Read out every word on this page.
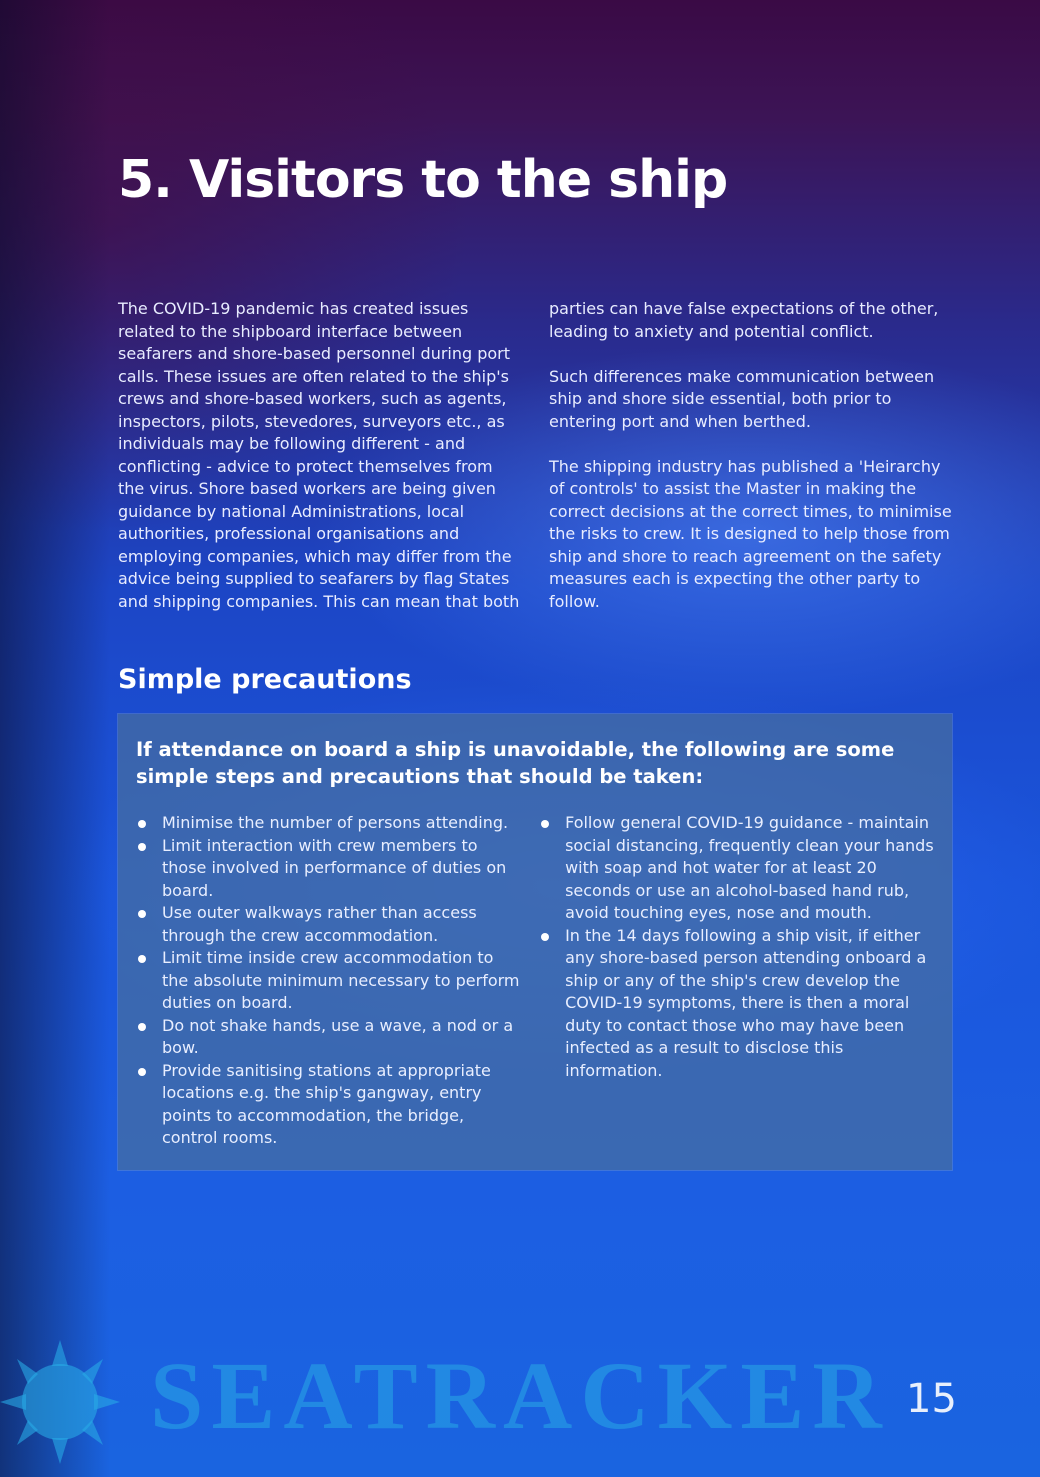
5. Visitors to the ship

The COVID-19 pandemic has created issues related to the shipboard interface between seafarers and shore-based personnel during port calls. These issues are often related to the ship's crews and shore-based workers, such as agents, inspectors, pilots, stevedores, surveyors etc., as individuals may be following different - and conflicting - advice to protect themselves from the virus. Shore based workers are being given guidance by national Administrations, local authorities, professional organisations and employing companies, which may differ from the advice being supplied to seafarers by flag States and shipping companies. This can mean that both parties can have false expectations of the other, leading to anxiety and potential conflict.

Such differences make communication between ship and shore side essential, both prior to entering port and when berthed.

The shipping industry has published a 'Heirarchy of controls' to assist the Master in making the correct decisions at the correct times, to minimise the risks to crew. It is designed to help those from ship and shore to reach agreement on the safety measures each is expecting the other party to follow.

Simple precautions

If attendance on board a ship is unavoidable, the following are some simple steps and precautions that should be taken:

Minimise the number of persons attending.
Limit interaction with crew members to those involved in performance of duties on board.
Use outer walkways rather than access through the crew accommodation.
Limit time inside crew accommodation to the absolute minimum necessary to perform duties on board.
Do not shake hands, use a wave, a nod or a bow.
Provide sanitising stations at appropriate locations e.g. the ship's gangway, entry points to accommodation, the bridge, control rooms.
Follow general COVID-19 guidance - maintain social distancing, frequently clean your hands with soap and hot water for at least 20 seconds or use an alcohol-based hand rub, avoid touching eyes, nose and mouth.
In the 14 days following a ship visit, if either any shore-based person attending onboard a ship or any of the ship's crew develop the COVID-19 symptoms, there is then a moral duty to contact those who may have been infected as a result to disclose this information.
SEATRACKER 15
